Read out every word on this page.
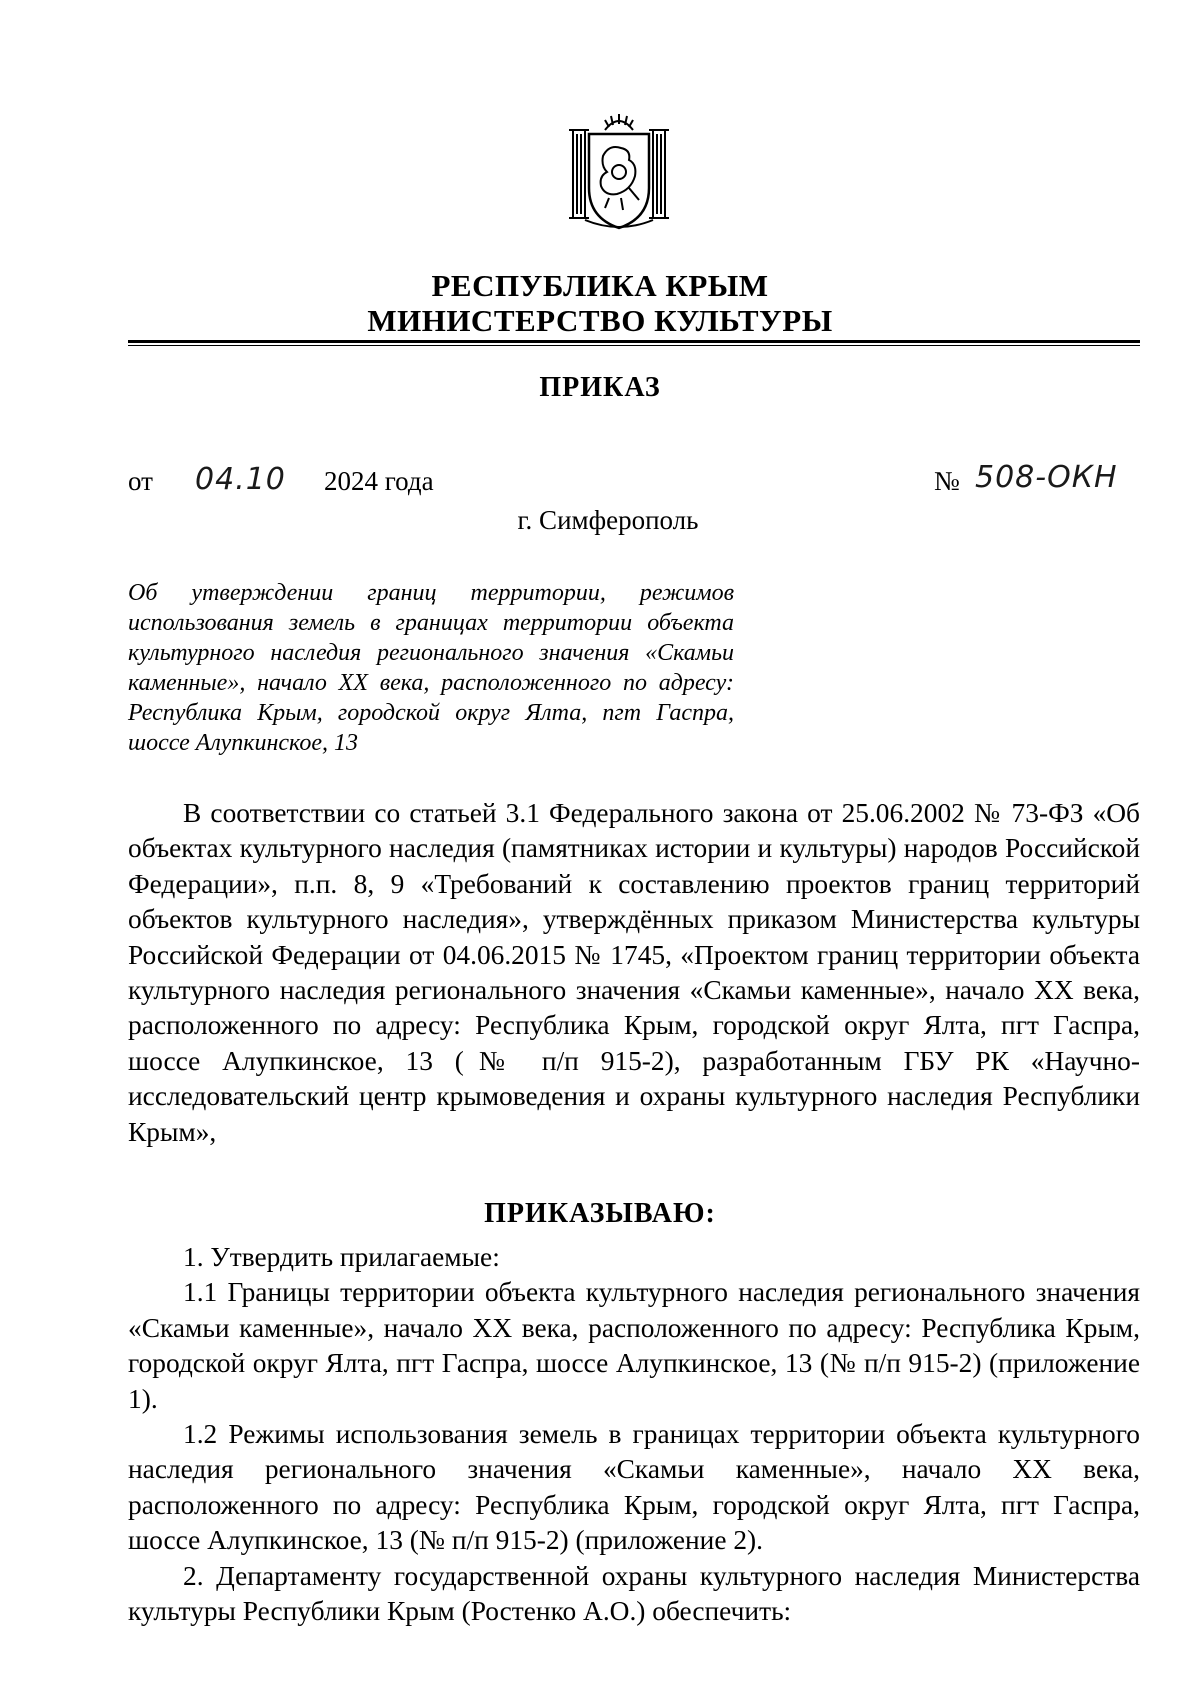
РЕСПУБЛИКА КРЫМ
МИНИСТЕРСТВО КУЛЬТУРЫ
ПРИКАЗ
от 04.10 2024 года	№ 508-ОКН
г. Симферополь
Об утверждении границ территории, режимов использования земель в границах территории объекта культурного наследия регионального значения «Скамьи каменные», начало XX века, расположенного по адресу: Республика Крым, городской округ Ялта, пгт Гаспра, шоссе Алупкинское, 13
В соответствии со статьей 3.1 Федерального закона от 25.06.2002 № 73-ФЗ «Об объектах культурного наследия (памятниках истории и культуры) народов Российской Федерации», п.п. 8, 9 «Требований к составлению проектов границ территорий объектов культурного наследия», утверждённых приказом Министерства культуры Российской Федерации от 04.06.2015 № 1745, «Проектом границ территории объекта культурного наследия регионального значения «Скамьи каменные», начало XX века, расположенного по адресу: Республика Крым, городской округ Ялта, пгт Гаспра, шоссе Алупкинское, 13 (№ п/п 915-2), разработанным ГБУ РК «Научно-исследовательский центр крымоведения и охраны культурного наследия Республики Крым»,
ПРИКАЗЫВАЮ:
1. Утвердить прилагаемые:
1.1 Границы территории объекта культурного наследия регионального значения «Скамьи каменные», начало XX века, расположенного по адресу: Республика Крым, городской округ Ялта, пгт Гаспра, шоссе Алупкинское, 13 (№ п/п 915-2) (приложение 1).
1.2 Режимы использования земель в границах территории объекта культурного наследия регионального значения «Скамьи каменные», начало XX века, расположенного по адресу: Республика Крым, городской округ Ялта, пгт Гаспра, шоссе Алупкинское, 13 (№ п/п 915-2) (приложение 2).
2. Департаменту государственной охраны культурного наследия Министерства культуры Республики Крым (Ростенко А.О.) обеспечить:
